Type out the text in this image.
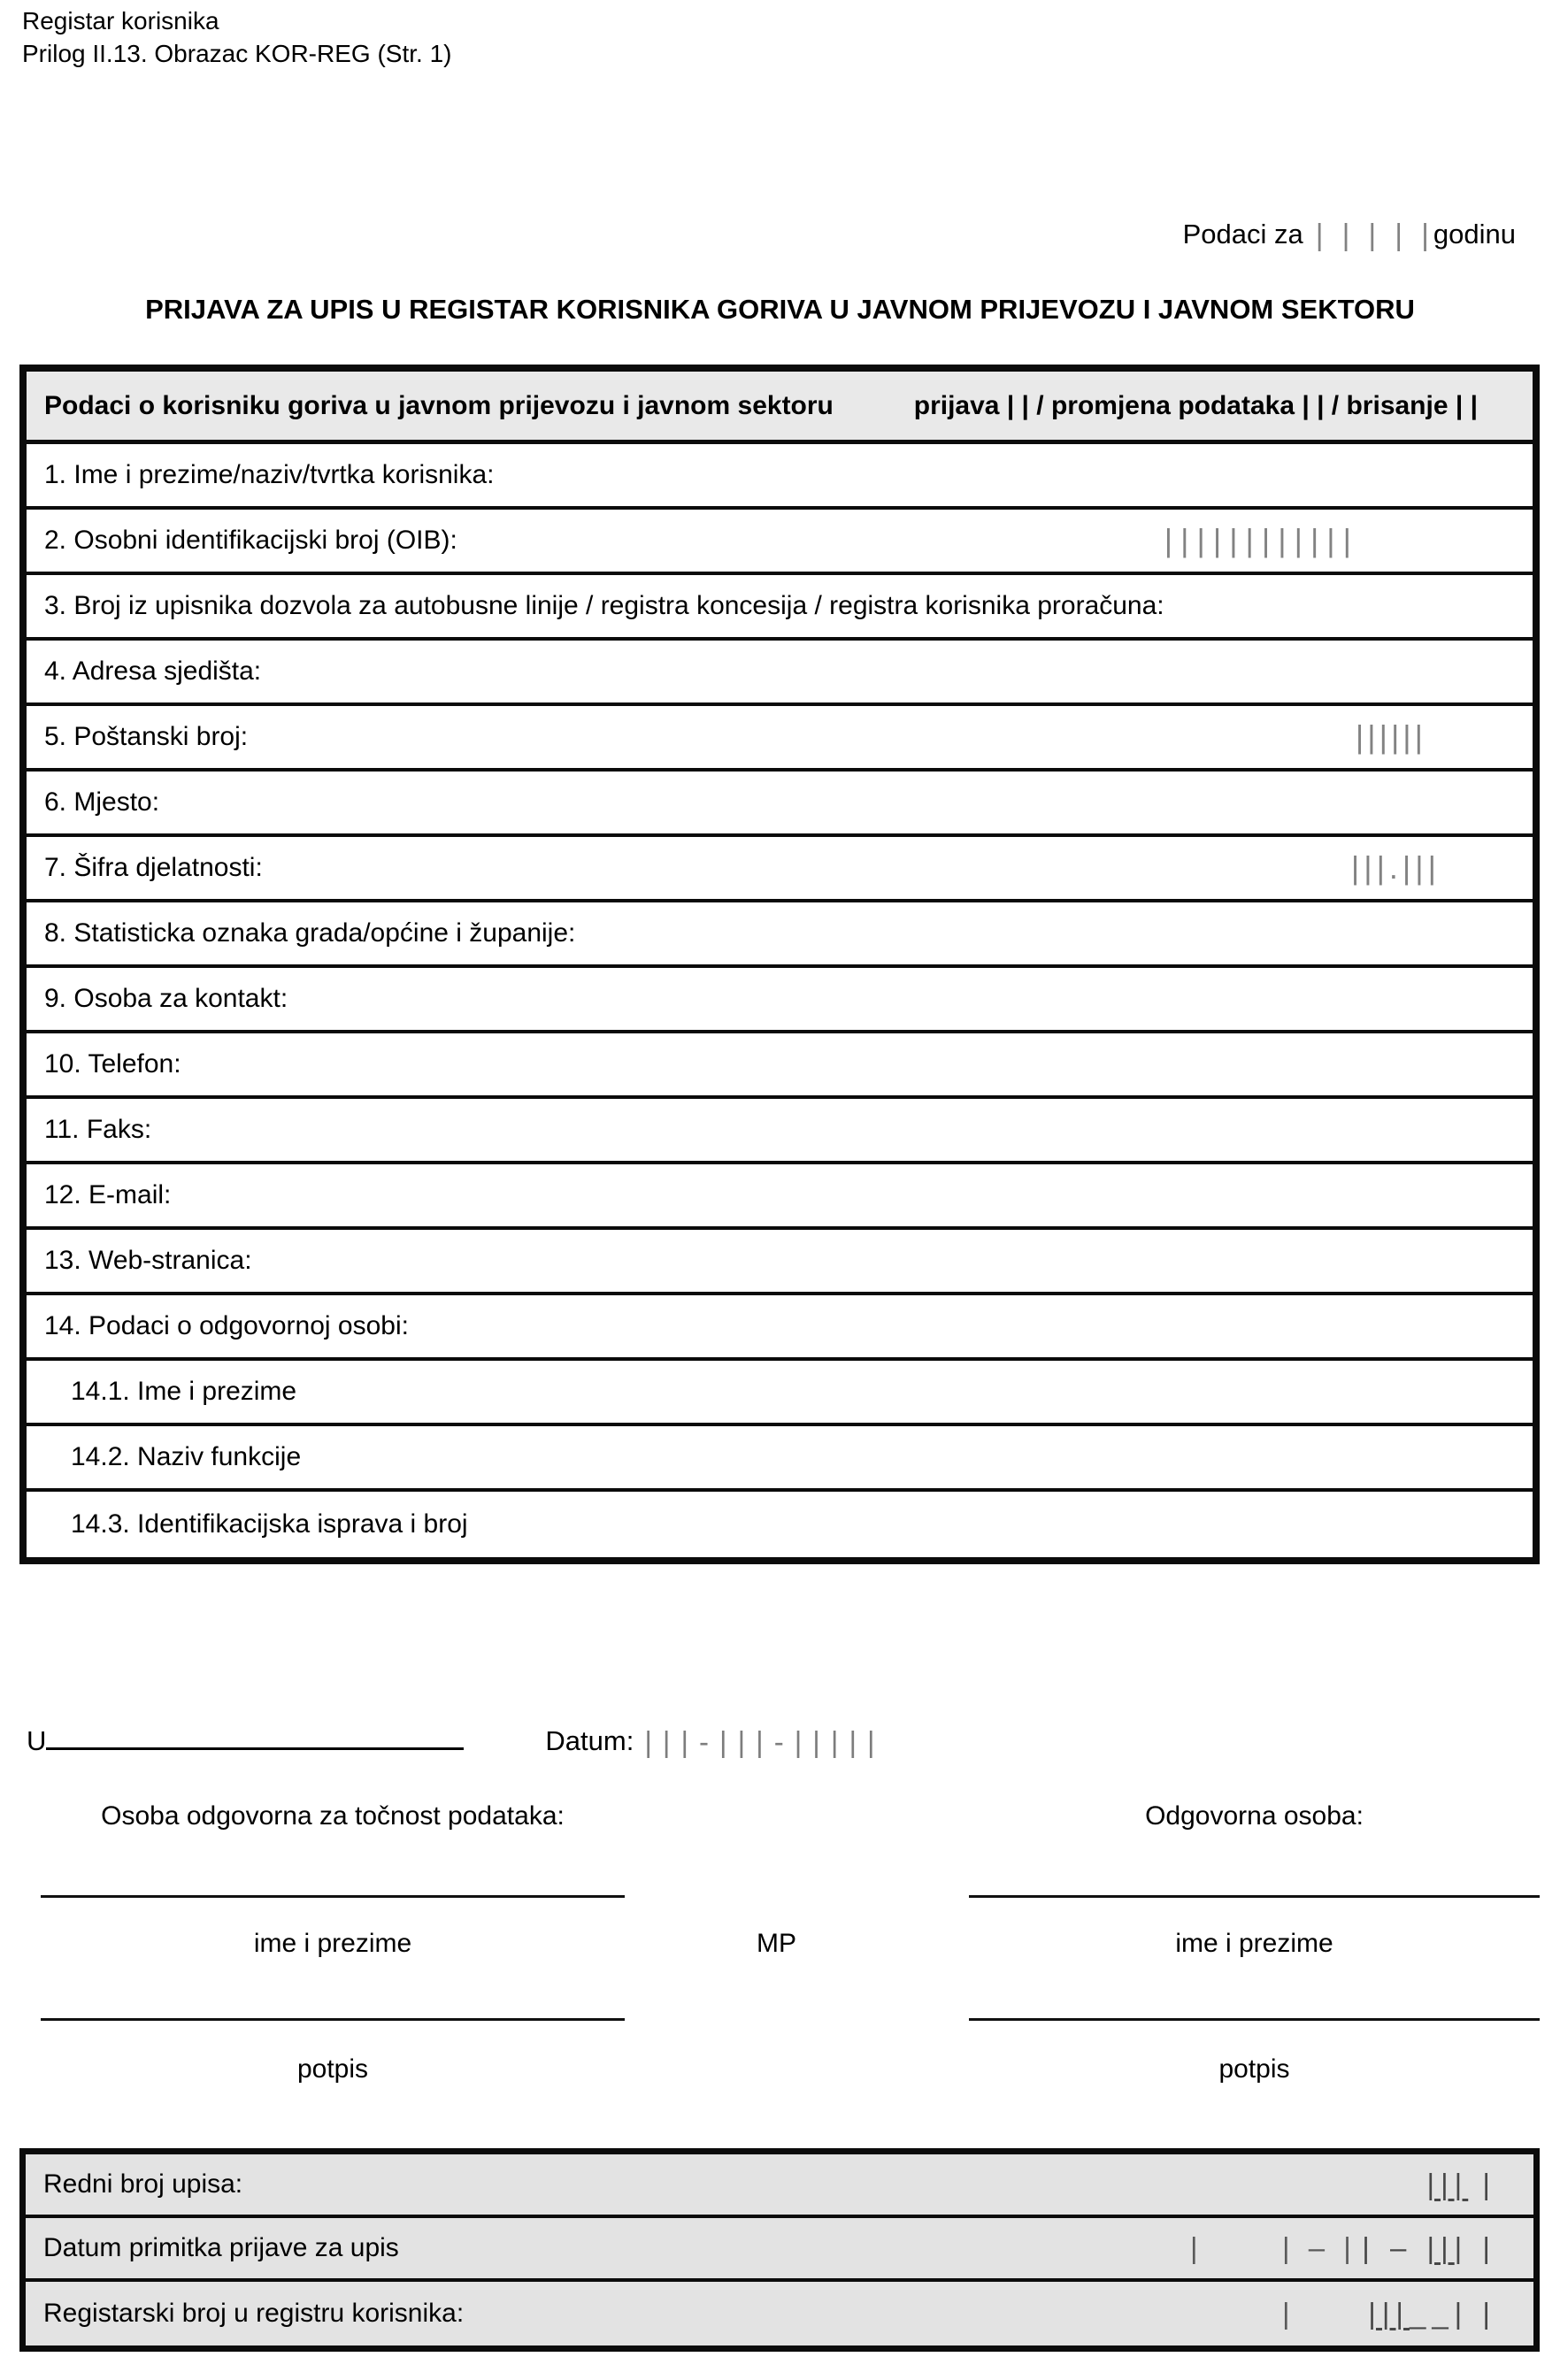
Registar korisnika
Prilog II.13. Obrazac KOR-REG (Str. 1)
Podaci za |||||godinu
PRIJAVA ZA UPIS U REGISTAR KORISNIKA GORIVA U JAVNOM PRIJEVOZU I JAVNOM SEKTORU
Podaci o korisniku goriva u javnom prijevozu i javnom sektoru	prijava | | / promjena podataka | | / brisanje | |
1. Ime i prezime/naziv/tvrtka korisnika:
2. Osobni identifikacijski broj (OIB):	||||||||||||
3. Broj iz upisnika dozvola za autobusne linije / registra koncesija / registra korisnika proračuna:
4. Adresa sjedišta:
5. Poštanski broj:	||||||
6. Mjesto:
7. Šifra djelatnosti:	|||.|||
8. Statisticka oznaka grada/općine i županije:
9. Osoba za kontakt:
10. Telefon:
11. Faks:
12. E-mail:
13. Web-stranica:
14. Podaci o odgovornoj osobi:
14.1. Ime i prezime
14.2. Naziv funkcije
14.3. Identifikacijska isprava i broj
U	Datum: |||-|||-|||||
Osoba odgovorna za točnost podataka:	Odgovorna osoba:
ime i prezime	MP	ime i prezime
potpis	potpis
Redni broj upisa:	||| |
Datum primitka prijave za upis	|	| – | | – ||| |
Registarski broj u registru korisnika:	|	|||__| |
